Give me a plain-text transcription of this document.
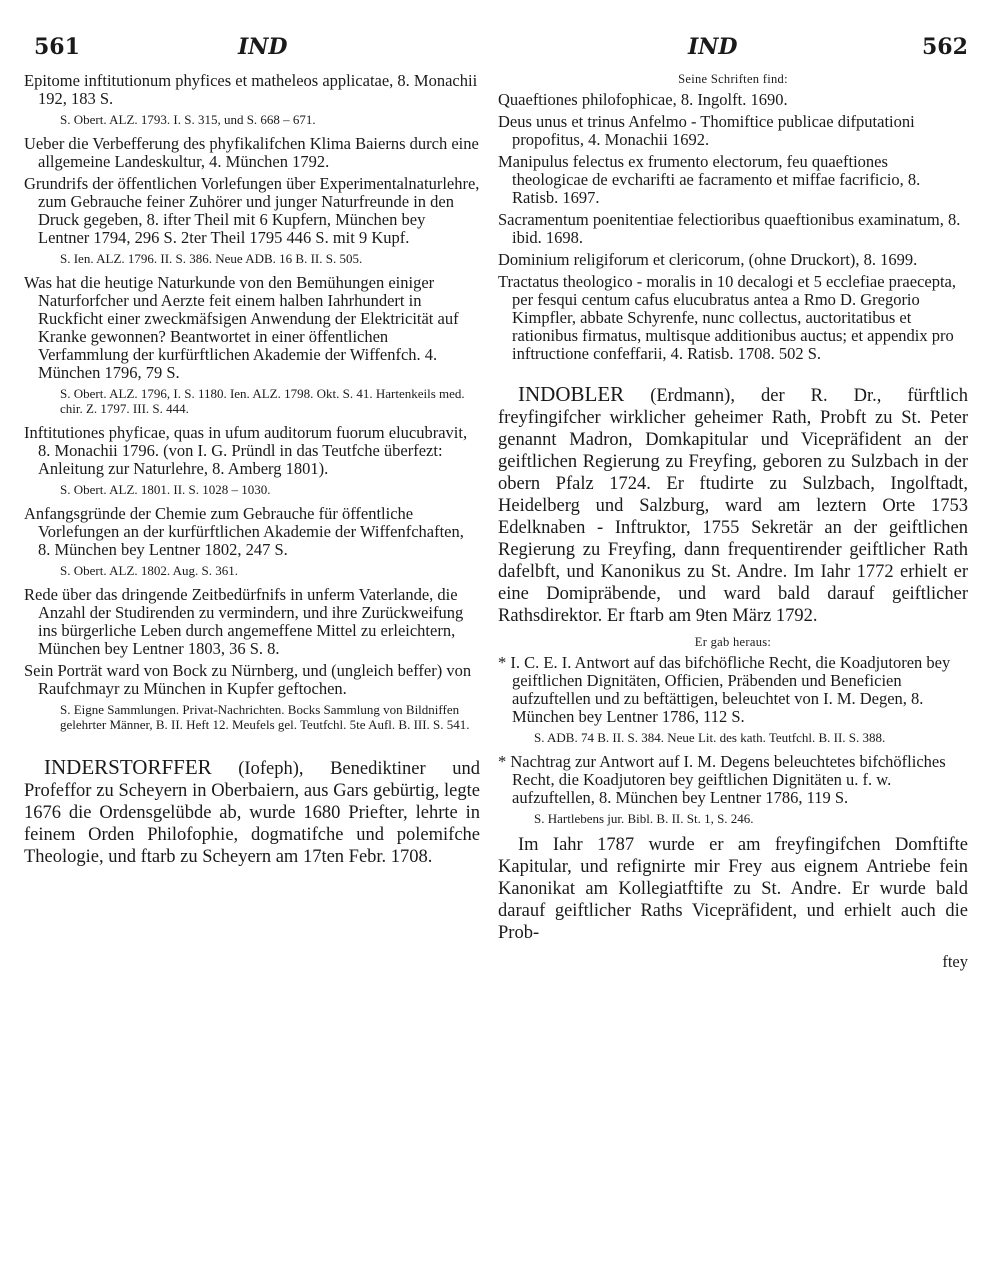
561	IND	IND	562

Epitome inftitutionum phyfices et matheleos applicatae, 8. Monachii 192, 183 S.

S. Obert. ALZ. 1793. I. S. 315, und S. 668 – 671.

Ueber die Verbefferung des phyfikalifchen Klima Baierns durch eine allgemeine Landeskultur, 4. München 1792.

Grundrifs der öffentlichen Vorlefungen über Experimentalnaturlehre, zum Gebrauche feiner Zuhörer und junger Naturfreunde in den Druck gegeben, 8. ifter Theil mit 6 Kupfern, München bey Lentner 1794, 296 S. 2ter Theil 1795 446 S. mit 9 Kupf.

S. Ien. ALZ. 1796. II. S. 386. Neue ADB. 16 B. II. S. 505.

Was hat die heutige Naturkunde von den Bemühungen einiger Naturforfcher und Aerzte feit einem halben Iahrhundert in Ruckficht einer zweckmäfsigen Anwendung der Elektricität auf Kranke gewonnen? Beantwortet in einer öffentlichen Verfammlung der kurfürftlichen Akademie der Wiffenfch. 4. München 1796, 79 S.

S. Obert. ALZ. 1796, I. S. 1180. Ien. ALZ. 1798. Okt. S. 41. Hartenkeils med. chir. Z. 1797. III. S. 444.

Inftitutiones phyficae, quas in ufum auditorum fuorum elucubravit, 8. Monachii 1796. (von I. G. Pründl in das Teutfche überfezt: Anleitung zur Naturlehre, 8. Amberg 1801).

S. Obert. ALZ. 1801. II. S. 1028 – 1030.

Anfangsgründe der Chemie zum Gebrauche für öffentliche Vorlefungen an der kurfürftlichen Akademie der Wiffenfchaften, 8. München bey Lentner 1802, 247 S.

S. Obert. ALZ. 1802. Aug. S. 361.

Rede über das dringende Zeitbedürfnifs in unferm Vaterlande, die Anzahl der Studirenden zu vermindern, und ihre Zurückweifung ins bürgerliche Leben durch angemeffene Mittel zu erleichtern, München bey Lentner 1803, 36 S. 8.

Sein Porträt ward von Bock zu Nürnberg, und (ungleich beffer) von Raufchmayr zu München in Kupfer geftochen.

S. Eigne Sammlungen. Privat-Nachrichten. Bocks Sammlung von Bildniffen gelehrter Männer, B. II. Heft 12. Meufels gel. Teutfchl. 5te Aufl. B. III. S. 541.

INDERSTORFFER (Iofeph), Benediktiner und Profeffor zu Scheyern in Oberbaiern, aus Gars gebürtig, legte 1676 die Ordensgelübde ab, wurde 1680 Priefter, lehrte in feinem Orden Philofophie, dogmatifche und polemifche Theologie, und ftarb zu Scheyern am 17ten Febr. 1708.

Seine Schriften find:

Quaeftiones philofophicae, 8. Ingolft. 1690.

Deus unus et trinus Anfelmo - Thomiftice publicae difputationi propofitus, 4. Monachii 1692.

Manipulus felectus ex frumento electorum, feu quaeftiones theologicae de evcharifti ae facramento et miffae facrificio, 8. Ratisb. 1697.

Sacramentum poenitentiae felectioribus quaeftionibus examinatum, 8. ibid. 1698.

Dominium religiforum et clericorum, (ohne Druckort), 8. 1699.

Tractatus theologico - moralis in 10 decalogi et 5 ecclefiae praecepta, per fesqui centum cafus elucubratus antea a Rmo D. Gregorio Kimpfler, abbate Schyrenfe, nunc collectus, auctoritatibus et rationibus firmatus, multisque additionibus auctus; et appendix pro inftructione confeffarii, 4. Ratisb. 1708. 502 S.

INDOBLER (Erdmann), der R. Dr., fürftlich freyfingifcher wirklicher geheimer Rath, Probft zu St. Peter genannt Madron, Domkapitular und Vicepräfident an der geiftlichen Regierung zu Freyfing, geboren zu Sulzbach in der obern Pfalz 1724. Er ftudirte zu Sulzbach, Ingolftadt, Heidelberg und Salzburg, ward am leztern Orte 1753 Edelknaben - Inftruktor, 1755 Sekretär an der geiftlichen Regierung zu Freyfing, dann frequentirender geiftlicher Rath dafelbft, und Kanonikus zu St. Andre. Im Iahr 1772 erhielt er eine Domipräbende, und ward bald darauf geiftlicher Rathsdirektor. Er ftarb am 9ten März 1792.

Er gab heraus:

* I. C. E. I. Antwort auf das bifchöfliche Recht, die Koadjutoren bey geiftlichen Dignitäten, Officien, Präbenden und Beneficien aufzuftellen und zu beftättigen, beleuchtet von I. M. Degen, 8. München bey Lentner 1786, 112 S.

S. ADB. 74 B. II. S. 384. Neue Lit. des kath. Teutfchl. B. II. S. 388.

* Nachtrag zur Antwort auf I. M. Degens beleuchtetes bifchöfliches Recht, die Koadjutoren bey geiftlichen Dignitäten u. f. w. aufzuftellen, 8. München bey Lentner 1786, 119 S.

S. Hartlebens jur. Bibl. B. II. St. 1, S. 246.

Im Iahr 1787 wurde er am freyfingifchen Domftifte Kapitular, und refignirte mir Frey aus eignem Antriebe fein Kanonikat am Kollegiatftifte zu St. Andre. Er wurde bald darauf geiftlicher Raths Vicepräfident, und erhielt auch die Prob-

ftey
